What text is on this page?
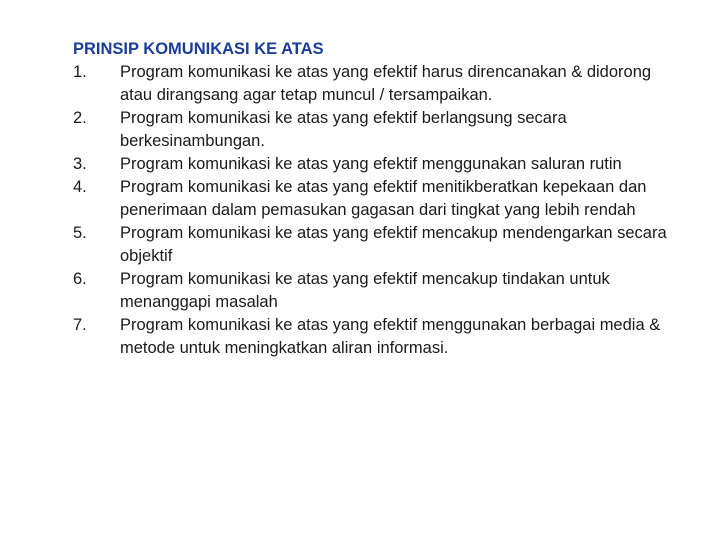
PRINSIP KOMUNIKASI KE ATAS
1.	Program komunikasi ke atas yang efektif harus direncanakan & didorong atau dirangsang agar tetap muncul / tersampaikan.
2.	Program komunikasi ke atas yang efektif berlangsung secara berkesinambungan.
3.	Program komunikasi ke atas yang efektif menggunakan saluran rutin
4.	Program komunikasi ke atas yang efektif menitikberatkan kepekaan dan penerimaan dalam pemasukan gagasan dari tingkat yang lebih rendah
5.	Program komunikasi ke atas yang efektif mencakup mendengarkan secara objektif
6.	Program komunikasi ke atas yang efektif mencakup tindakan untuk menanggapi masalah
7.	Program komunikasi ke atas yang efektif menggunakan berbagai media & metode untuk meningkatkan aliran informasi.
